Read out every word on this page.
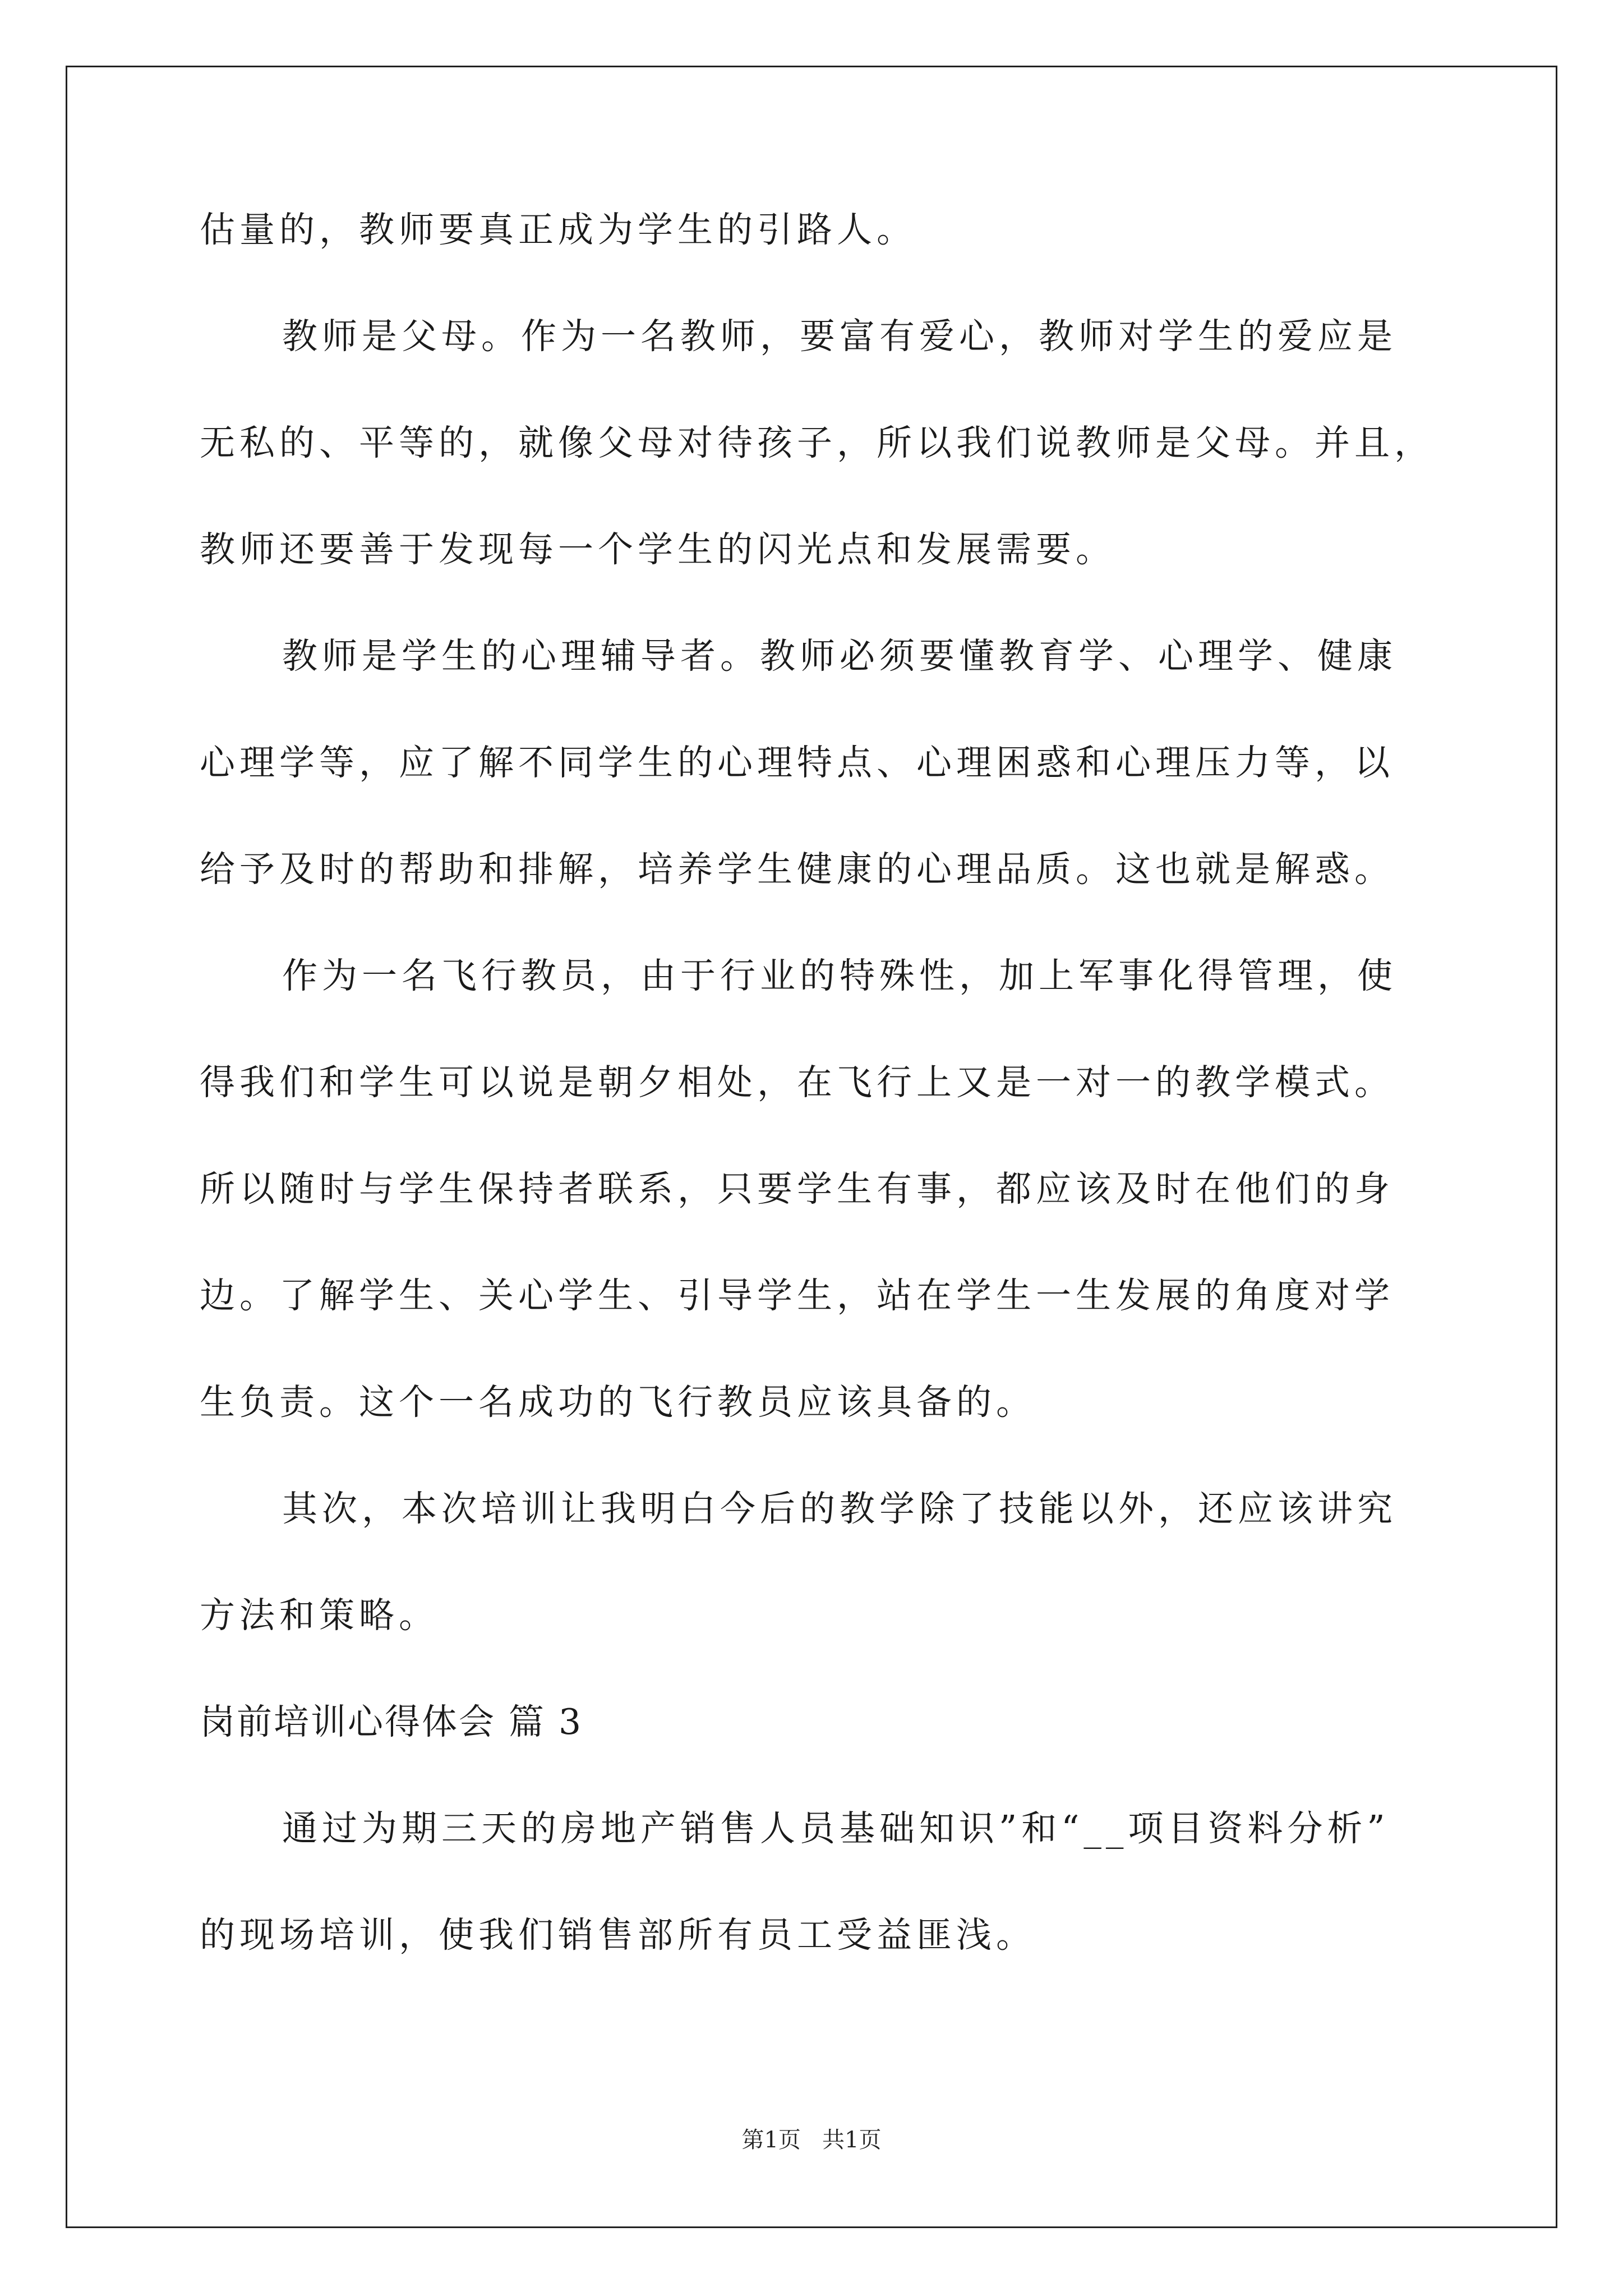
估量的，教师要真正成为学生的引路人。
教师是父母。作为一名教师，要富有爱心，教师对学生的爱应是
无私的、平等的，就像父母对待孩子，所以我们说教师是父母。并且，
教师还要善于发现每一个学生的闪光点和发展需要。
教师是学生的心理辅导者。教师必须要懂教育学、心理学、健康
心理学等，应了解不同学生的心理特点、心理困惑和心理压力等，以
给予及时的帮助和排解，培养学生健康的心理品质。这也就是解惑。
作为一名飞行教员，由于行业的特殊性，加上军事化得管理，使
得我们和学生可以说是朝夕相处，在飞行上又是一对一的教学模式。
所以随时与学生保持者联系，只要学生有事，都应该及时在他们的身
边。了解学生、关心学生、引导学生，站在学生一生发展的角度对学
生负责。这个一名成功的飞行教员应该具备的。
其次，本次培训让我明白今后的教学除了技能以外，还应该讲究
方法和策略。
岗前培训心得体会 篇 3
通过为期三天的房地产销售人员基础知识”和“__项目资料分析”
的现场培训，使我们销售部所有员工受益匪浅。
第1页   共1页
